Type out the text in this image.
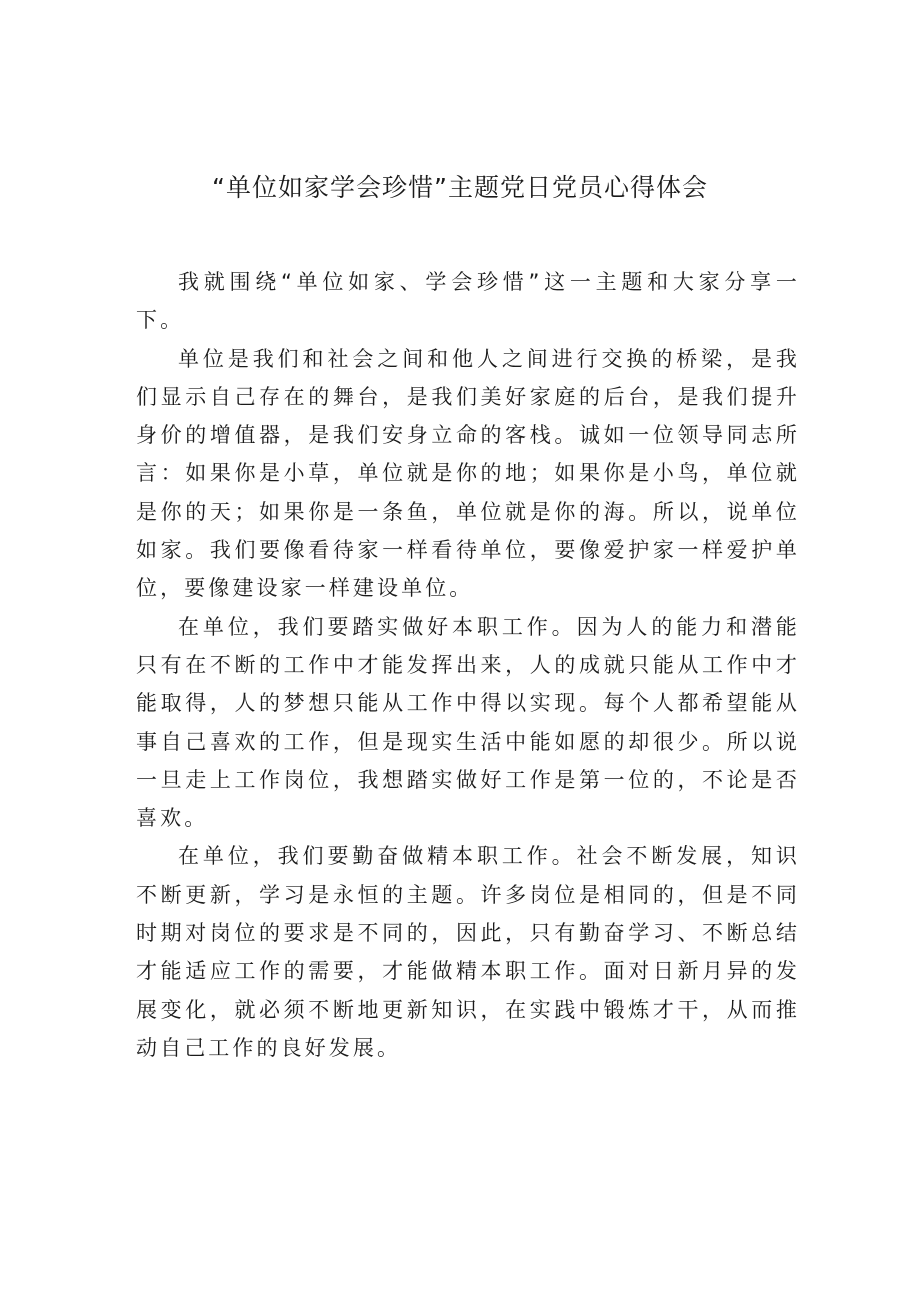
“单位如家学会珍惜”主题党日党员心得体会

我就围绕“单位如家、学会珍惜”这一主题和大家分享一下。

单位是我们和社会之间和他人之间进行交换的桥梁，是我们显示自己存在的舞台，是我们美好家庭的后台，是我们提升身价的增值器，是我们安身立命的客栈。诚如一位领导同志所言：如果你是小草，单位就是你的地；如果你是小鸟，单位就是你的天；如果你是一条鱼，单位就是你的海。所以，说单位如家。我们要像看待家一样看待单位，要像爱护家一样爱护单位，要像建设家一样建设单位。

在单位，我们要踏实做好本职工作。因为人的能力和潜能只有在不断的工作中才能发挥出来，人的成就只能从工作中才能取得，人的梦想只能从工作中得以实现。每个人都希望能从事自己喜欢的工作，但是现实生活中能如愿的却很少。所以说一旦走上工作岗位，我想踏实做好工作是第一位的，不论是否喜欢。

在单位，我们要勤奋做精本职工作。社会不断发展，知识不断更新，学习是永恒的主题。许多岗位是相同的，但是不同时期对岗位的要求是不同的，因此，只有勤奋学习、不断总结才能适应工作的需要，才能做精本职工作。面对日新月异的发展变化，就必须不断地更新知识，在实践中锻炼才干，从而推动自己工作的良好发展。
